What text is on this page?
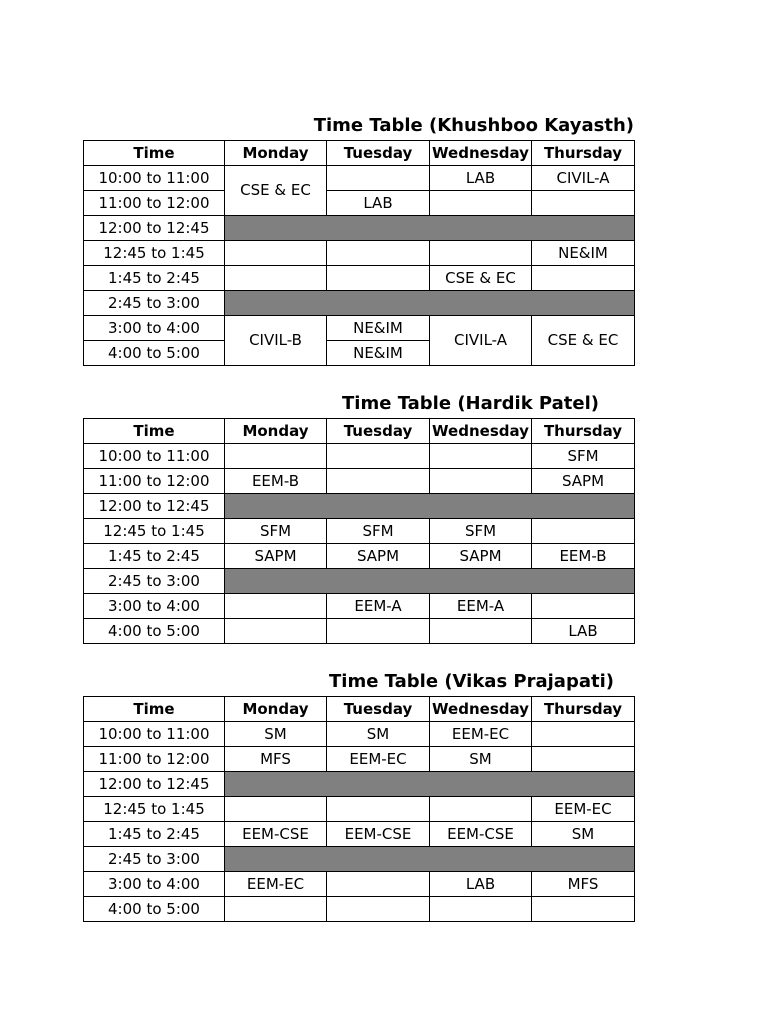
Time Table (Khushboo Kayasth)
Time	Monday	Tuesday	Wednesday	Thursday
10:00 to 11:00	CSE & EC		LAB	CIVIL-A
11:00 to 12:00		LAB		
12:00 to 12:45				
12:45 to 1:45				NE&IM
1:45 to 2:45			CSE & EC	
2:45 to 3:00				
3:00 to 4:00	CIVIL-B	NE&IM	CIVIL-A	CSE & EC
4:00 to 5:00		NE&IM		
Time Table (Hardik Patel)
Time	Monday	Tuesday	Wednesday	Thursday
10:00 to 11:00				SFM
11:00 to 12:00	EEM-B			SAPM
12:00 to 12:45				
12:45 to 1:45	SFM	SFM	SFM	
1:45 to 2:45	SAPM	SAPM	SAPM	EEM-B
2:45 to 3:00				
3:00 to 4:00		EEM-A	EEM-A	
4:00 to 5:00				LAB
Time Table (Vikas Prajapati)
Time	Monday	Tuesday	Wednesday	Thursday
10:00 to 11:00	SM	SM	EEM-EC	
11:00 to 12:00	MFS	EEM-EC	SM	
12:00 to 12:45				
12:45 to 1:45				EEM-EC
1:45 to 2:45	EEM-CSE	EEM-CSE	EEM-CSE	SM
2:45 to 3:00				
3:00 to 4:00	EEM-EC		LAB	MFS
4:00 to 5:00				
